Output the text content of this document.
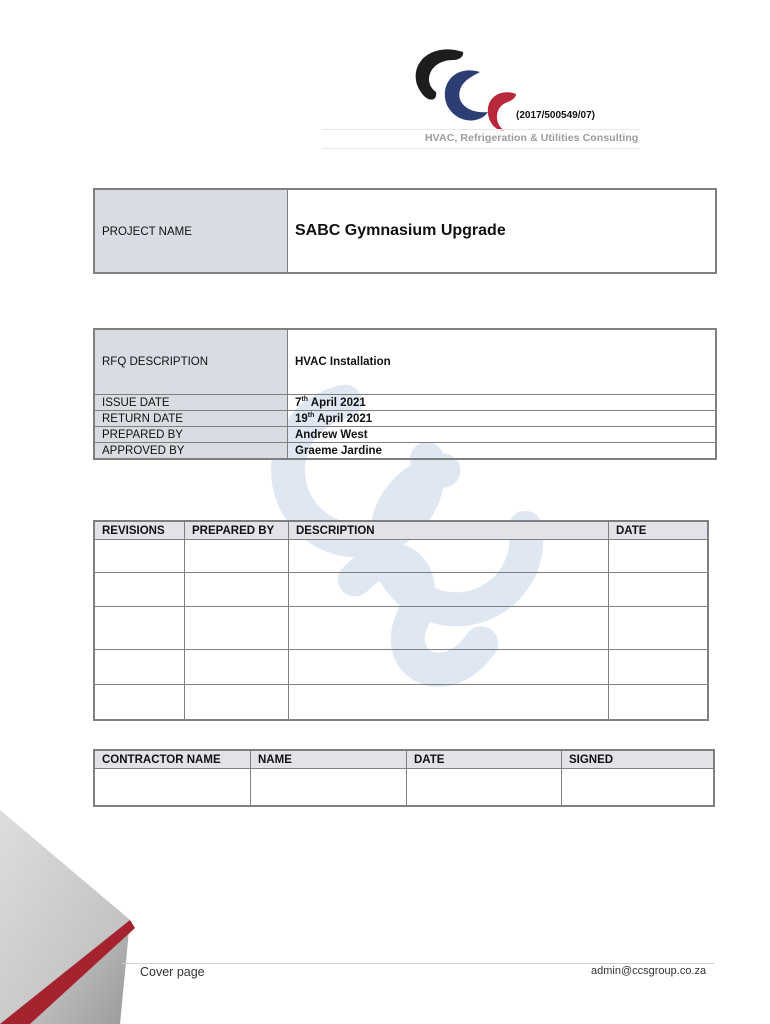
(2017/500549/07)
HVAC, Refrigeration & Utilities Consulting
PROJECT NAME	SABC Gymnasium Upgrade
RFQ DESCRIPTION	HVAC Installation
ISSUE DATE	7th April 2021
RETURN DATE	19th April 2021
PREPARED BY	Andrew West
APPROVED BY	Graeme Jardine
REVISIONS	PREPARED BY	DESCRIPTION	DATE

CONTRACTOR NAME	NAME	DATE	SIGNED

Cover page	admin@ccsgroup.co.za
